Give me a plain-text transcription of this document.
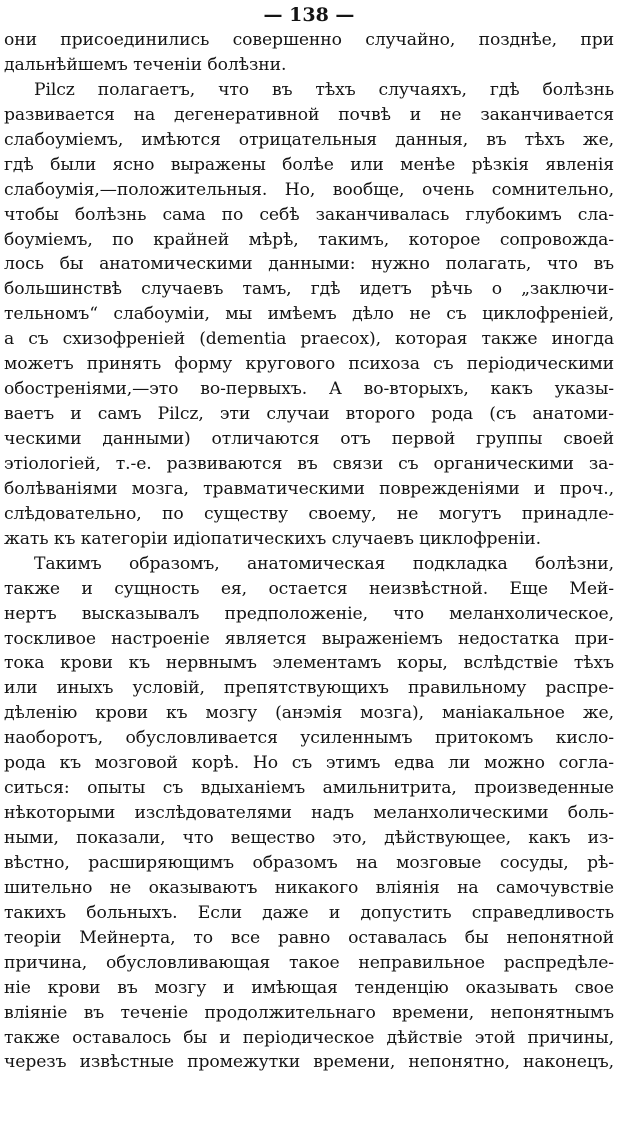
— 138 —
они присоединились совершенно случайно, позднѣе, при
дальнѣйшемъ теченіи болѣзни.
Pilcz полагаетъ, что въ тѣхъ случаяхъ, гдѣ болѣзнь
развивается на дегенеративной почвѣ и не заканчивается
слабоуміемъ, имѣются отрицательныя данныя, въ тѣхъ же,
гдѣ были ясно выражены болѣе или менѣе рѣзкія явленія
слабоумія,—положительныя. Но, вообще, очень сомнительно,
чтобы болѣзнь сама по себѣ заканчивалась глубокимъ сла-
боуміемъ, по крайней мѣрѣ, такимъ, которое сопровожда-
лось бы анатомическими данными: нужно полагать, что въ
большинствѣ случаевъ тамъ, гдѣ идетъ рѣчь о „заключи-
тельномъ“ слабоуміи, мы имѣемъ дѣло не съ циклофреніей,
а съ схизофреніей (dementia praecox), которая также иногда
можетъ принять форму кругового психоза съ періодическими
обостреніями,—это во-первыхъ. А во-вторыхъ, какъ указы-
ваетъ и самъ Pilcz, эти случаи второго рода (съ анатоми-
ческими данными) отличаются отъ первой группы своей
этіологіей, т.-е. развиваются въ связи съ органическими за-
болѣваніями мозга, травматическими поврежденіями и проч.,
слѣдовательно, по существу своему, не могутъ принадле-
жать къ категоріи идіопатическихъ случаевъ циклофреніи.
Такимъ образомъ, анатомическая подкладка болѣзни,
также и сущность ея, остается неизвѣстной. Еще Мей-
нертъ высказывалъ предположеніе, что меланхолическое,
тоскливое настроеніе является выраженіемъ недостатка при-
тока крови къ нервнымъ элементамъ коры, вслѣдствіе тѣхъ
или иныхъ условій, препятствующихъ правильному распре-
дѣленію крови къ мозгу (анэмія мозга), маніакальное же,
наоборотъ, обусловливается усиленнымъ притокомъ кисло-
рода къ мозговой корѣ. Но съ этимъ едва ли можно согла-
ситься: опыты съ вдыханіемъ амильнитрита, произведенные
нѣкоторыми изслѣдователями надъ меланхолическими боль-
ными, показали, что вещество это, дѣйствующее, какъ из-
вѣстно, расширяющимъ образомъ на мозговые сосуды, рѣ-
шительно не оказываютъ никакого вліянія на самочувствіе
такихъ больныхъ. Если даже и допустить справедливость
теоріи Мейнерта, то все равно оставалась бы непонятной
причина, обусловливающая такое неправильное распредѣле-
ніе крови въ мозгу и имѣющая тенденцію оказывать свое
вліяніе въ теченіе продолжительнаго времени, непонятнымъ
также оставалось бы и періодическое дѣйствіе этой причины,
черезъ извѣстные промежутки времени, непонятно, наконецъ,
